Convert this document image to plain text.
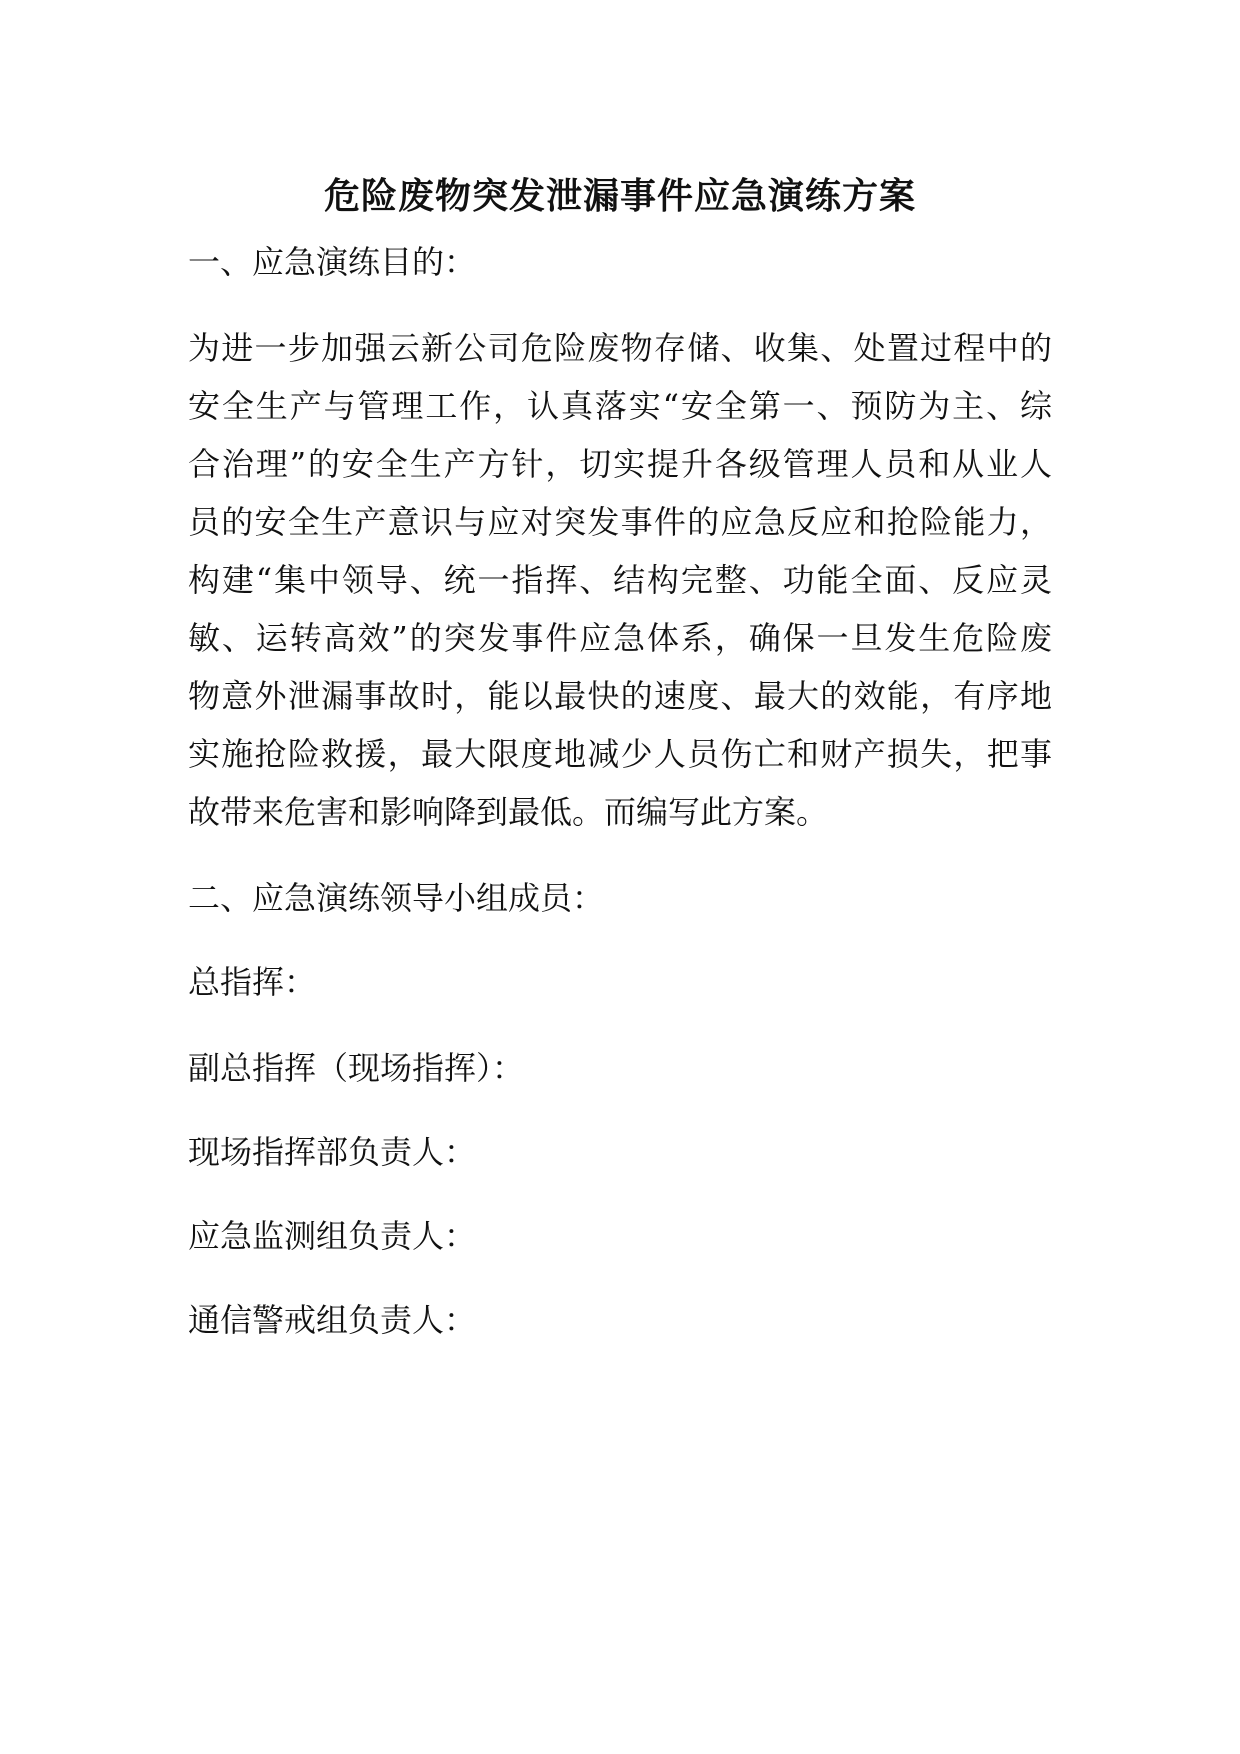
危险废物突发泄漏事件应急演练方案
一、应急演练目的：
为进一步加强云新公司危险废物存储、收集、处置过程中的
安全生产与管理工作，认真落实“安全第一、预防为主、综
合治理”的安全生产方针，切实提升各级管理人员和从业人
员的安全生产意识与应对突发事件的应急反应和抢险能力，
构建“集中领导、统一指挥、结构完整、功能全面、反应灵
敏、运转高效”的突发事件应急体系，确保一旦发生危险废
物意外泄漏事故时，能以最快的速度、最大的效能，有序地
实施抢险救援，最大限度地减少人员伤亡和财产损失，把事
故带来危害和影响降到最低。而编写此方案。
二、应急演练领导小组成员：
总指挥：
副总指挥（现场指挥）：
现场指挥部负责人：
应急监测组负责人：
通信警戒组负责人：
